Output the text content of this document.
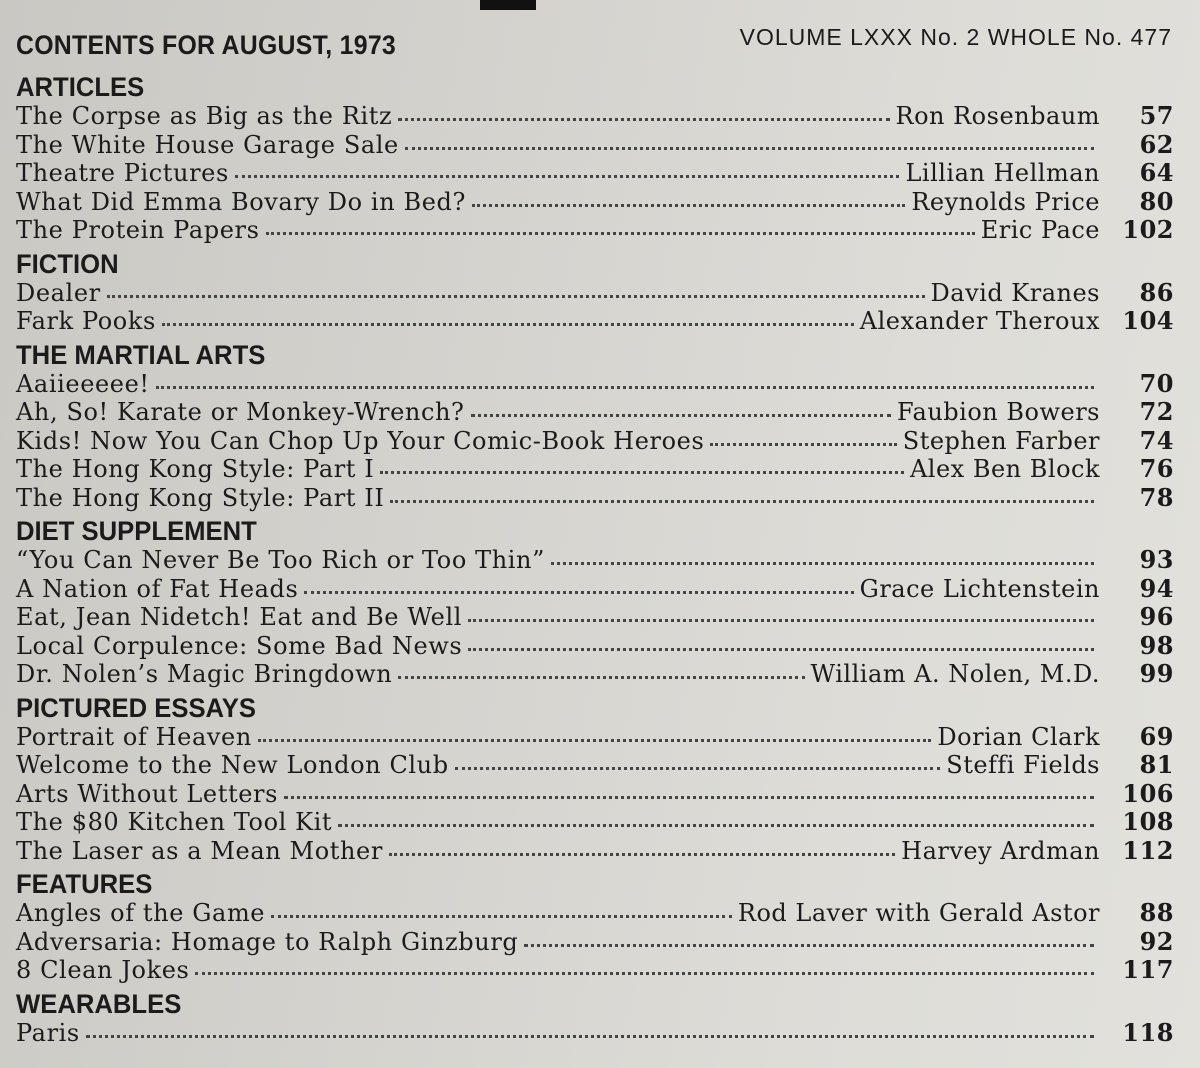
CONTENTS FOR AUGUST, 1973	VOLUME LXXX No. 2 WHOLE No. 477
ARTICLES
The Corpse as Big as the Ritz	Ron Rosenbaum	57
The White House Garage Sale	62
Theatre Pictures	Lillian Hellman	64
What Did Emma Bovary Do in Bed?	Reynolds Price	80
The Protein Papers	Eric Pace 102
FICTION
Dealer	David Kranes	86
Fark Pooks	Alexander Theroux 104
THE MARTIAL ARTS
Aaiieeeee!	70
Ah, So! Karate or Monkey-Wrench?	Faubion Bowers	72
Kids! Now You Can Chop Up Your Comic-Book Heroes	Stephen Farber	74
The Hong Kong Style: Part I	Alex Ben Block	76
The Hong Kong Style: Part II	78
DIET SUPPLEMENT
“You Can Never Be Too Rich or Too Thin”	93
A Nation of Fat Heads	Grace Lichtenstein	94
Eat, Jean Nidetch! Eat and Be Well	96
Local Corpulence: Some Bad News	98
Dr. Nolen’s Magic Bringdown	William A. Nolen, M.D.	99
PICTURED ESSAYS
Portrait of Heaven	Dorian Clark	69
Welcome to the New London Club	Steffi Fields	81
Arts Without Letters	106
The $80 Kitchen Tool Kit	108
The Laser as a Mean Mother	Harvey Ardman 112
FEATURES
Angles of the Game	Rod Laver with Gerald Astor	88
Adversaria: Homage to Ralph Ginzburg	92
8 Clean Jokes	117
WEARABLES
Paris	118
